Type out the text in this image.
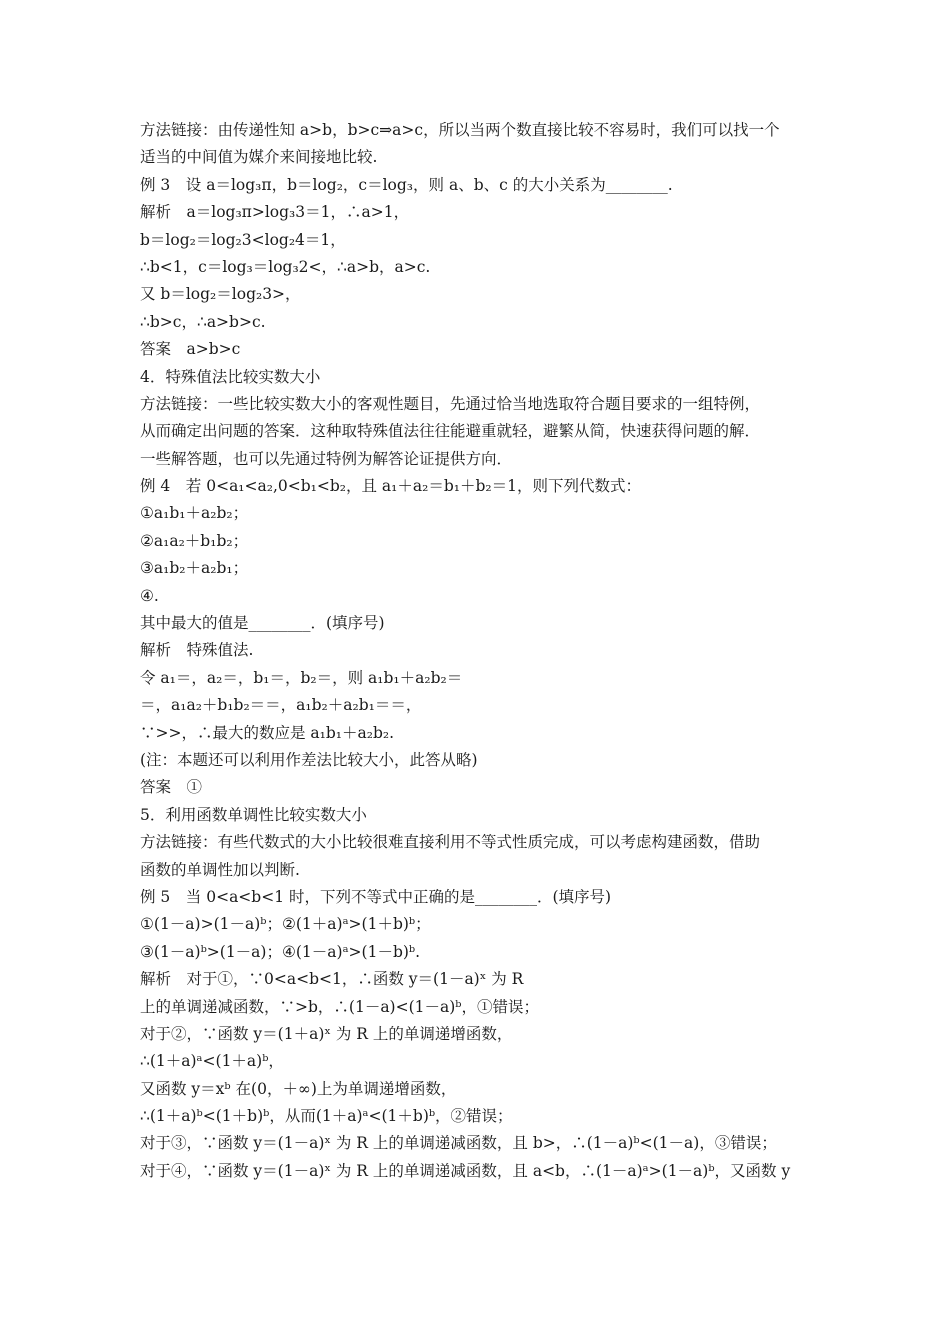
方法链接：由传递性知 a>b，b>c⇒a>c，所以当两个数直接比较不容易时，我们可以找一个
适当的中间值为媒介来间接地比较.
例 3　设 a＝log₃π，b＝log₂，c＝log₃，则 a、b、c 的大小关系为________.
解析　a＝log₃π>log₃3＝1，∴a>1，
b＝log₂＝log₂3<log₂4＝1，
∴b<1，c＝log₃＝log₃2<，∴a>b，a>c.
又 b＝log₂＝log₂3>，
∴b>c，∴a>b>c.
答案　a>b>c
4．特殊值法比较实数大小
方法链接：一些比较实数大小的客观性题目，先通过恰当地选取符合题目要求的一组特例，
从而确定出问题的答案．这种取特殊值法往往能避重就轻，避繁从简，快速获得问题的解．
一些解答题，也可以先通过特例为解答论证提供方向．
例 4　若 0<a₁<a₂,0<b₁<b₂，且 a₁＋a₂＝b₁＋b₂＝1，则下列代数式：
①a₁b₁＋a₂b₂；
②a₁a₂＋b₁b₂；
③a₁b₂＋a₂b₁；
④.
其中最大的值是________．(填序号)
解析　特殊值法.
令 a₁＝，a₂＝，b₁＝，b₂＝，则 a₁b₁＋a₂b₂＝
＝，a₁a₂＋b₁b₂＝＝，a₁b₂＋a₂b₁＝＝，
∵>>，∴最大的数应是 a₁b₁＋a₂b₂.
(注：本题还可以利用作差法比较大小，此答从略)
答案　①
5．利用函数单调性比较实数大小
方法链接：有些代数式的大小比较很难直接利用不等式性质完成，可以考虑构建函数，借助
函数的单调性加以判断.
例 5　当 0<a<b<1 时，下列不等式中正确的是________．(填序号)
①(1－a)>(1－a)ᵇ；②(1＋a)ᵃ>(1＋b)ᵇ；
③(1－a)ᵇ>(1－a)；④(1－a)ᵃ>(1－b)ᵇ.
解析　对于①，∵0<a<b<1，∴函数 y＝(1－a)ˣ 为 R
上的单调递减函数，∵>b，∴(1－a)<(1－a)ᵇ，①错误；
对于②，∵函数 y＝(1＋a)ˣ 为 R 上的单调递增函数，
∴(1＋a)ᵃ<(1＋a)ᵇ，
又函数 y＝xᵇ 在(0，＋∞)上为单调递增函数，
∴(1＋a)ᵇ<(1＋b)ᵇ，从而(1＋a)ᵃ<(1＋b)ᵇ，②错误；
对于③，∵函数 y＝(1－a)ˣ 为 R 上的单调递减函数，且 b>，∴(1－a)ᵇ<(1－a)，③错误；
对于④，∵函数 y＝(1－a)ˣ 为 R 上的单调递减函数，且 a<b，∴(1－a)ᵃ>(1－a)ᵇ，又函数 y
